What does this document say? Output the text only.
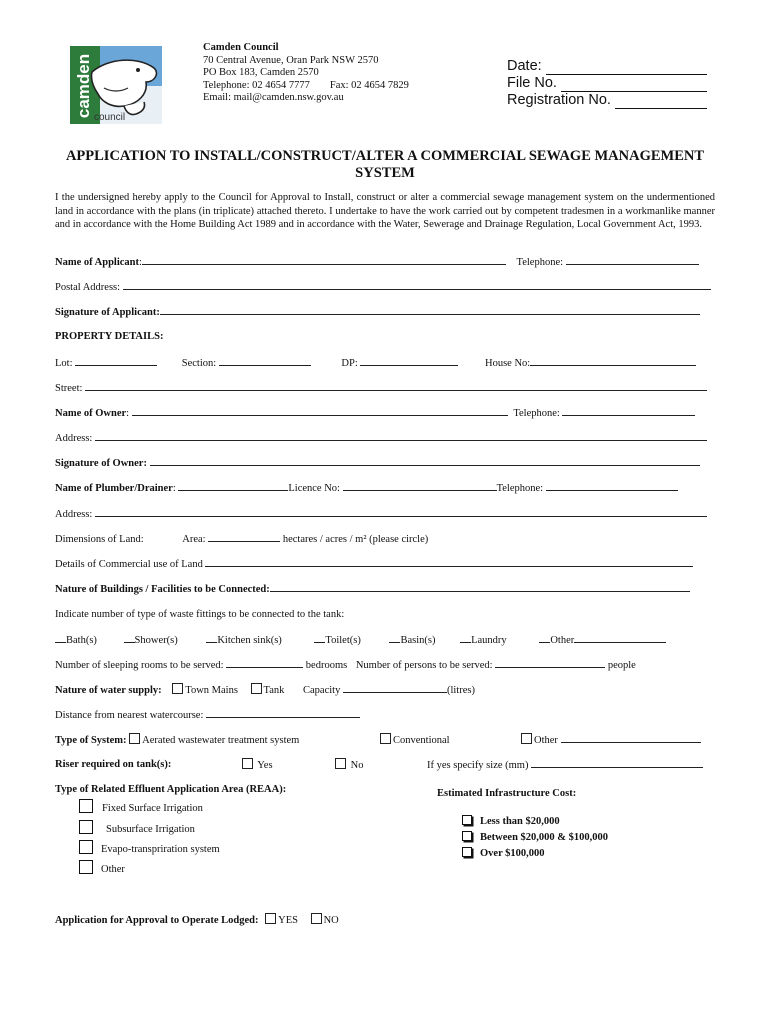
camden council
Camden Council
70 Central Avenue, Oran Park NSW 2570
PO Box 183, Camden 2570
Telephone: 02 4654 7777 Fax: 02 4654 7829
Email: mail@camden.nsw.gov.au
Date:
File No.
Registration No.
APPLICATION TO INSTALL/CONSTRUCT/ALTER A COMMERCIAL SEWAGE MANAGEMENT SYSTEM
I the undersigned hereby apply to the Council for Approval to Install, construct or alter a commercial sewage management system on the undermentioned land in accordance with the plans (in triplicate) attached thereto. I undertake to have the work carried out by competent tradesmen in a workmanlike manner and in accordance with the Home Building Act 1989 and in accordance with the Water, Sewerage and Drainage Regulation, Local Government Act, 1993.
Name of Applicant:	Telephone:
Postal Address:
Signature of Applicant:
PROPERTY DETAILS:
Lot:	Section:	DP:	House No:
Street:
Name of Owner:	Telephone:
Address:
Signature of Owner:
Name of Plumber/Drainer:	Licence No:	Telephone:
Address:
Dimensions of Land:	Area:	hectares / acres / m² (please circle)
Details of Commercial use of Land
Nature of Buildings / Facilities to be Connected:
Indicate number of type of waste fittings to be connected to the tank:
Bath(s)	Shower(s)	Kitchen sink(s)	Toilet(s)	Basin(s)	Laundry	Other
Number of sleeping rooms to be served:	bedrooms Number of persons to be served:	people
Nature of water supply: Town Mains Tank Capacity	(litres)
Distance from nearest watercourse:
Type of System: Aerated wastewater treatment system	Conventional	Other
Riser required on tank(s):	Yes	No	If yes specify size (mm)
Type of Related Effluent Application Area (REAA):	Estimated Infrastructure Cost:
Fixed Surface Irrigation
Subsurface Irrigation
Evapo-transpriration system
Other
Less than $20,000
Between $20,000 & $100,000
Over $100,000
Application for Approval to Operate Lodged: YES NO
